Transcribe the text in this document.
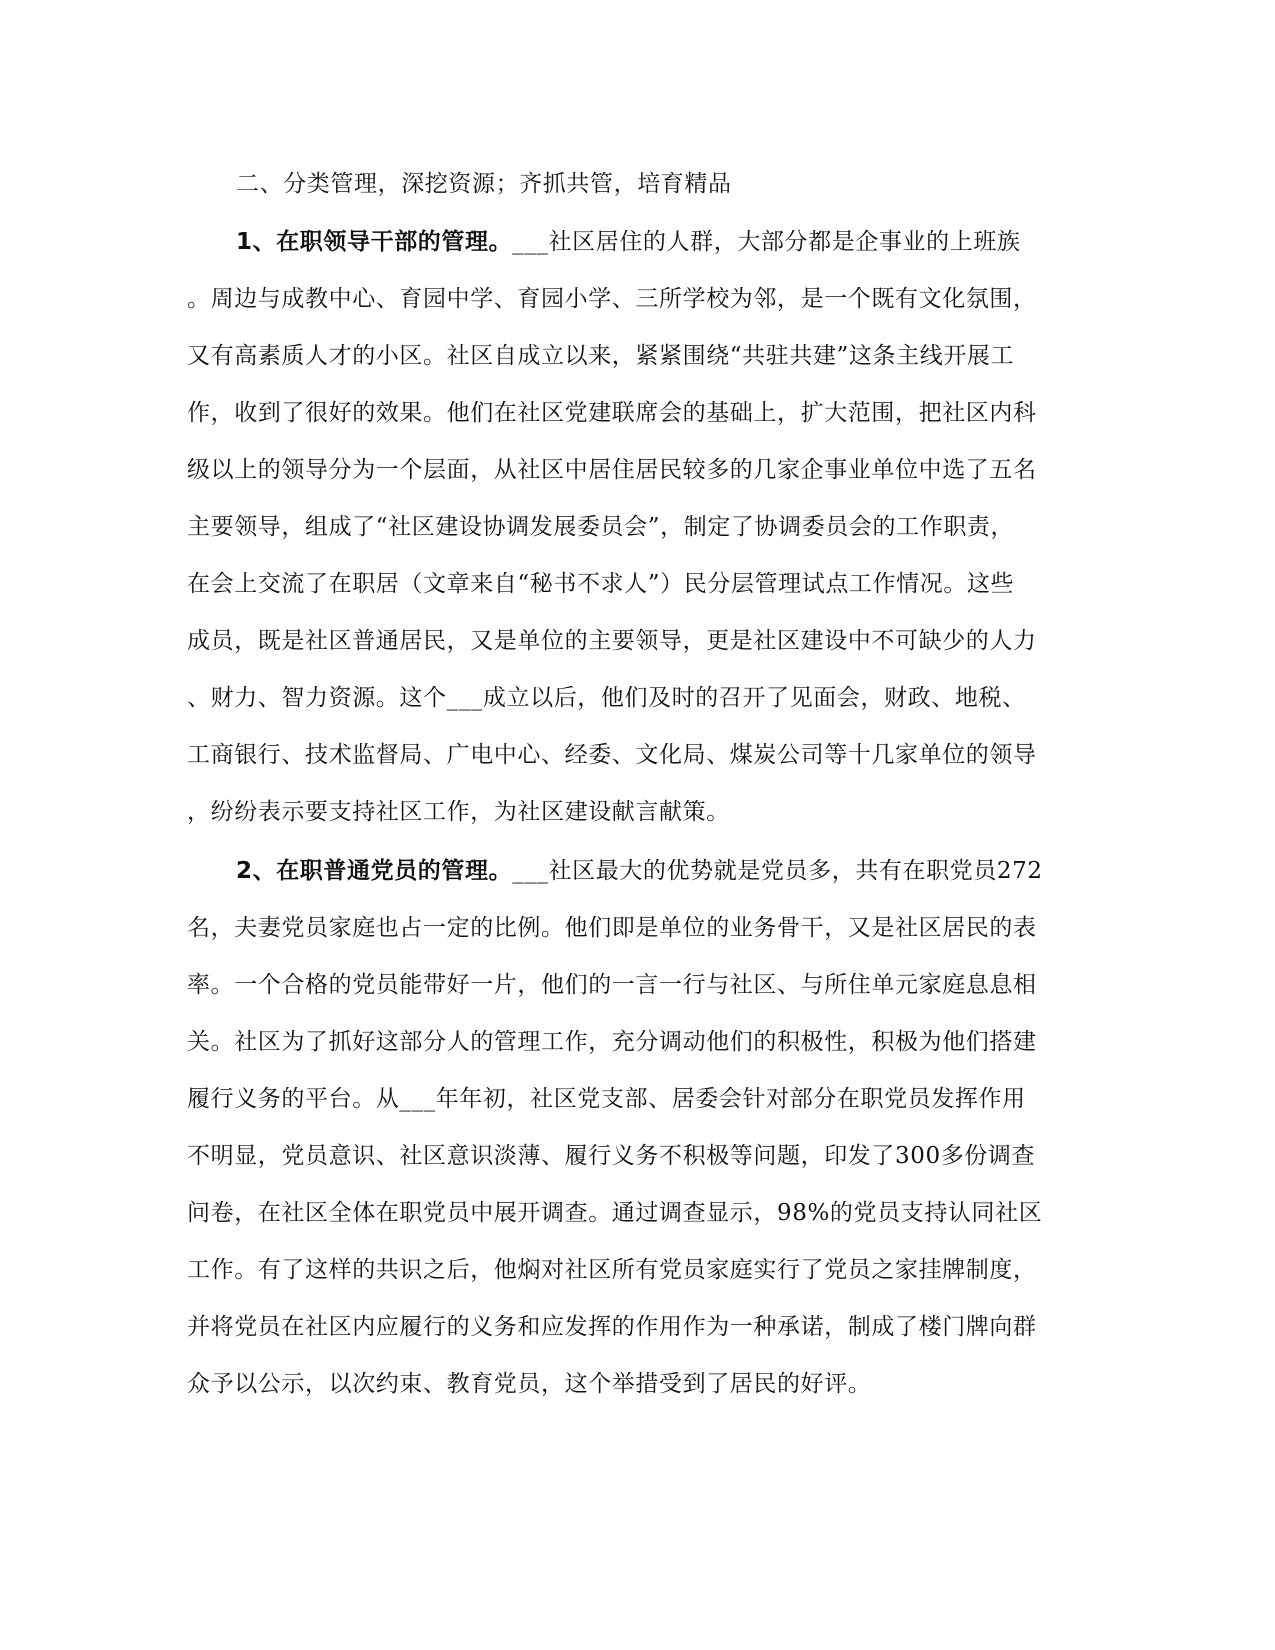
二、分类管理，深挖资源；齐抓共管，培育精品
1、在职领导干部的管理。___社区居住的人群，大部分都是企事业的上班族
。周边与成教中心、育园中学、育园小学、三所学校为邻，是一个既有文化氛围，
又有高素质人才的小区。社区自成立以来，紧紧围绕“共驻共建”这条主线开展工
作，收到了很好的效果。他们在社区党建联席会的基础上，扩大范围，把社区内科
级以上的领导分为一个层面，从社区中居住居民较多的几家企事业单位中选了五名
主要领导，组成了“社区建设协调发展委员会”，制定了协调委员会的工作职责，
在会上交流了在职居（文章来自“秘书不求人”）民分层管理试点工作情况。这些
成员，既是社区普通居民，又是单位的主要领导，更是社区建设中不可缺少的人力
、财力、智力资源。这个___成立以后，他们及时的召开了见面会，财政、地税、
工商银行、技术监督局、广电中心、经委、文化局、煤炭公司等十几家单位的领导
，纷纷表示要支持社区工作，为社区建设献言献策。
2、在职普通党员的管理。___社区最大的优势就是党员多，共有在职党员272
名，夫妻党员家庭也占一定的比例。他们即是单位的业务骨干，又是社区居民的表
率。一个合格的党员能带好一片，他们的一言一行与社区、与所住单元家庭息息相
关。社区为了抓好这部分人的管理工作，充分调动他们的积极性，积极为他们搭建
履行义务的平台。从___年年初，社区党支部、居委会针对部分在职党员发挥作用
不明显，党员意识、社区意识淡薄、履行义务不积极等问题，印发了300多份调查
问卷，在社区全体在职党员中展开调查。通过调查显示，98%的党员支持认同社区
工作。有了这样的共识之后，他焖对社区所有党员家庭实行了党员之家挂牌制度，
并将党员在社区内应履行的义务和应发挥的作用作为一种承诺，制成了楼门牌向群
众予以公示，以次约束、教育党员，这个举措受到了居民的好评。
